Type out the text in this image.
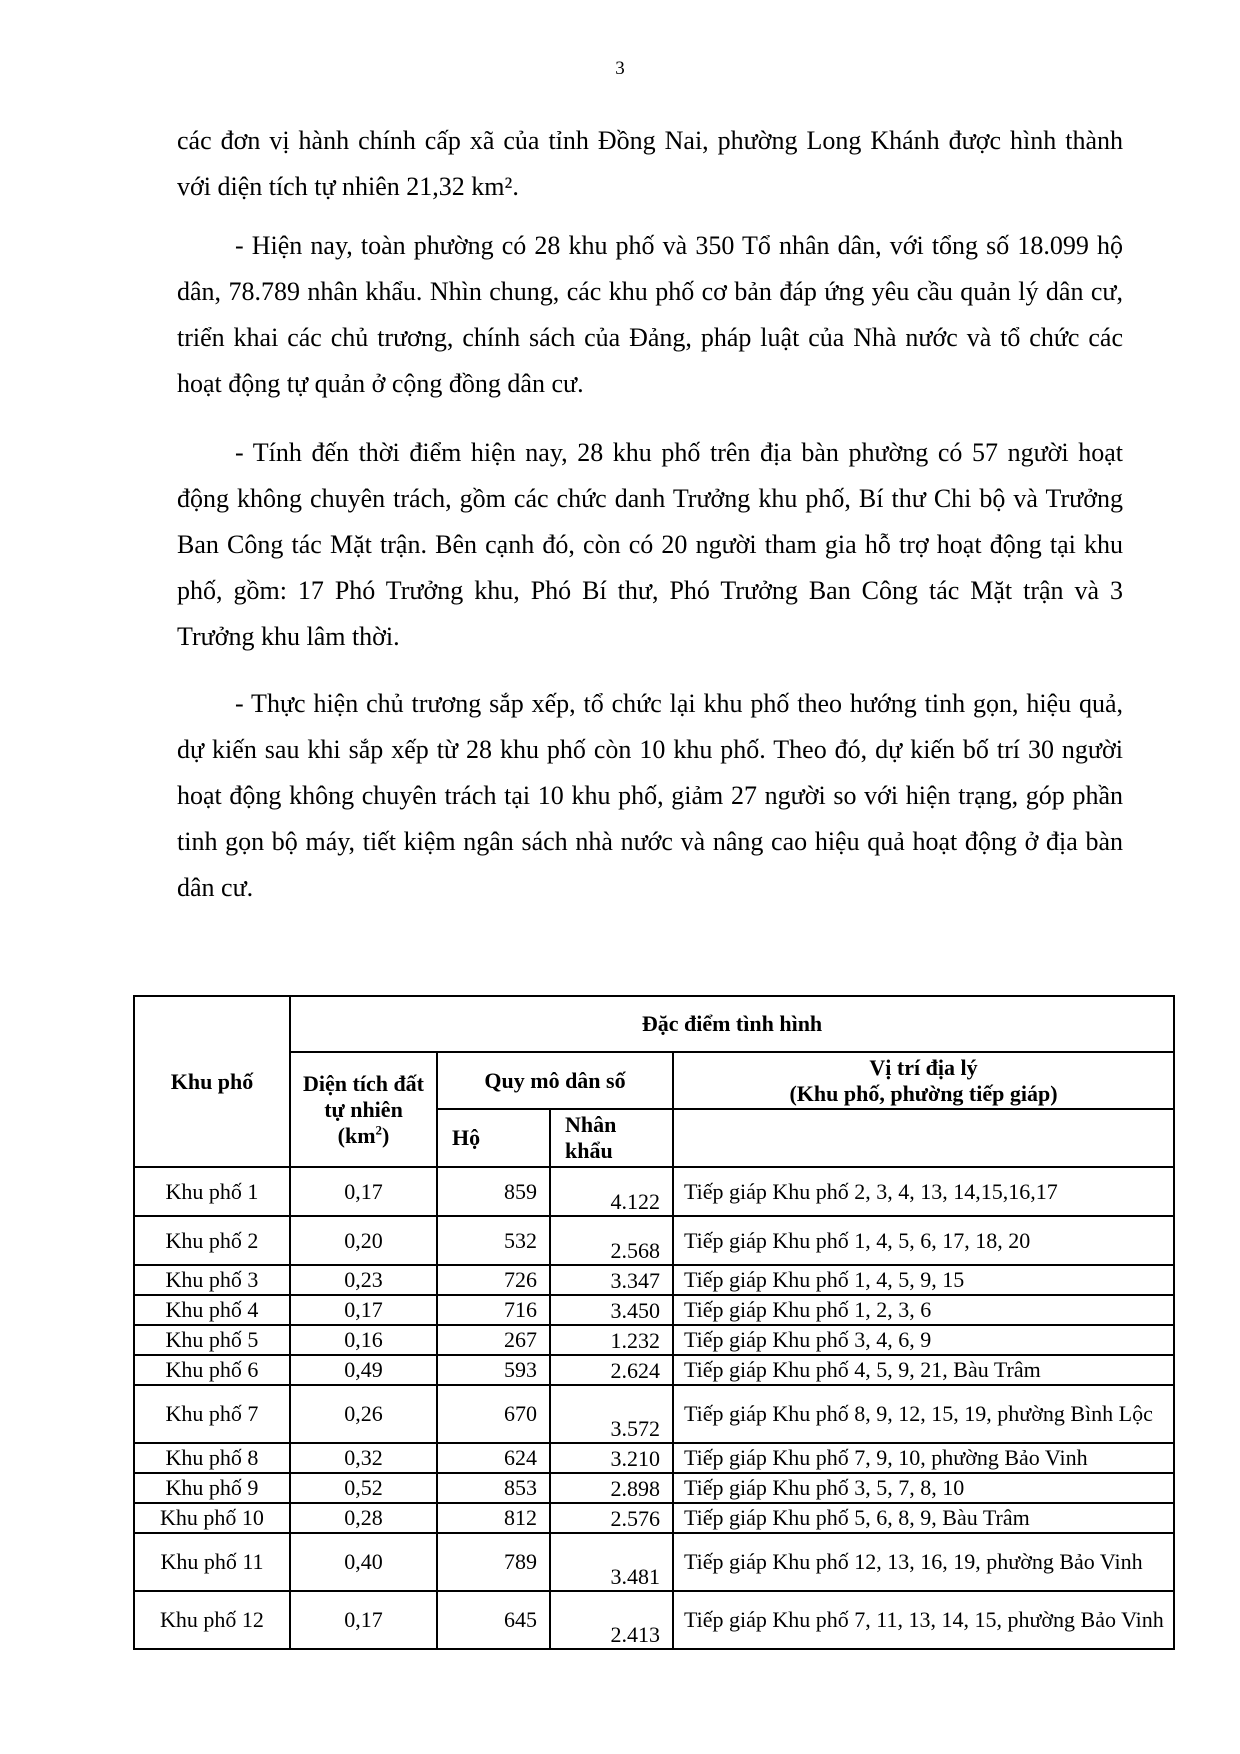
3

các đơn vị hành chính cấp xã của tỉnh Đồng Nai, phường Long Khánh được hình thành với diện tích tự nhiên 21,32 km².

- Hiện nay, toàn phường có 28 khu phố và 350 Tổ nhân dân, với tổng số 18.099 hộ dân, 78.789 nhân khẩu. Nhìn chung, các khu phố cơ bản đáp ứng yêu cầu quản lý dân cư, triển khai các chủ trương, chính sách của Đảng, pháp luật của Nhà nước và tổ chức các hoạt động tự quản ở cộng đồng dân cư.

- Tính đến thời điểm hiện nay, 28 khu phố trên địa bàn phường có 57 người hoạt động không chuyên trách, gồm các chức danh Trưởng khu phố, Bí thư Chi bộ và Trưởng Ban Công tác Mặt trận. Bên cạnh đó, còn có 20 người tham gia hỗ trợ hoạt động tại khu phố, gồm: 17 Phó Trưởng khu, Phó Bí thư, Phó Trưởng Ban Công tác Mặt trận và 3 Trưởng khu lâm thời.

- Thực hiện chủ trương sắp xếp, tổ chức lại khu phố theo hướng tinh gọn, hiệu quả, dự kiến sau khi sắp xếp từ 28 khu phố còn 10 khu phố. Theo đó, dự kiến bố trí 30 người hoạt động không chuyên trách tại 10 khu phố, giảm 27 người so với hiện trạng, góp phần tinh gọn bộ máy, tiết kiệm ngân sách nhà nước và nâng cao hiệu quả hoạt động ở địa bàn dân cư.

Khu phố	Đặc điểm tình hình			
	Diện tích đất tự nhiên $(km^2)$	Quy mô dân số		Vị trí địa lý
(Khu phố, phường tiếp giáp)

		Hộ	Nhân khẩu	
Khu phố 1	0,17	859	4.122	Tiếp giáp Khu phố 2, 3, 4, 13, 14,15,16,17
Khu phố 2	0,20	532	2.568	Tiếp giáp Khu phố 1, 4, 5, 6, 17, 18, 20
Khu phố 3	0,23	726	3.347	Tiếp giáp Khu phố 1, 4, 5, 9, 15
Khu phố 4	0,17	716	3.450	Tiếp giáp Khu phố 1, 2, 3, 6
Khu phố 5	0,16	267	1.232	Tiếp giáp Khu phố 3, 4, 6, 9
Khu phố 6	0,49	593	2.624	Tiếp giáp Khu phố 4, 5, 9, 21, Bàu Trâm
Khu phố 7	0,26	670	3.572	Tiếp giáp Khu phố 8, 9, 12, 15, 19, phường Bình Lộc
Khu phố 8	0,32	624	3.210	Tiếp giáp Khu phố 7, 9, 10, phường Bảo Vinh
Khu phố 9	0,52	853	2.898	Tiếp giáp Khu phố 3, 5, 7, 8, 10
Khu phố 10	0,28	812	2.576	Tiếp giáp Khu phố 5, 6, 8, 9, Bàu Trâm
Khu phố 11	0,40	789	3.481	Tiếp giáp Khu phố 12, 13, 16, 19, phường Bảo Vinh
Khu phố 12	0,17	645	2.413	Tiếp giáp Khu phố 7, 11, 13, 14, 15, phường Bảo Vinh
